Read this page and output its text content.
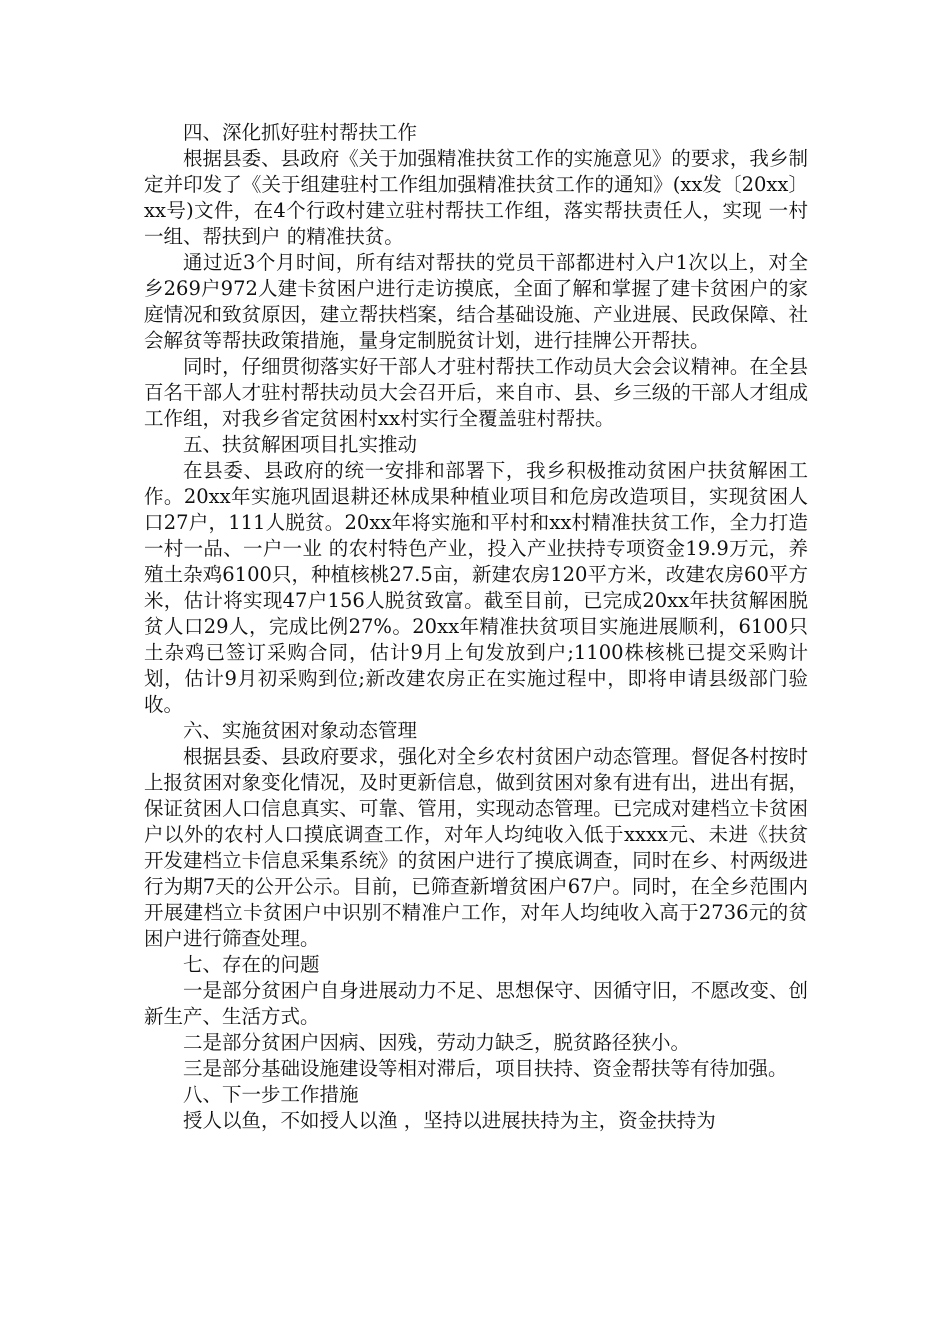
四、深化抓好驻村帮扶工作

根据县委、县政府《关于加强精准扶贫工作的实施意见》的要求，我乡制定并印发了《关于组建驻村工作组加强精准扶贫工作的通知》(xx发〔20xx〕xx号)文件，在4个行政村建立驻村帮扶工作组，落实帮扶责任人，实现 一村一组、帮扶到户 的精准扶贫。

通过近3个月时间，所有结对帮扶的党员干部都进村入户1次以上，对全乡269户972人建卡贫困户进行走访摸底，全面了解和掌握了建卡贫困户的家庭情况和致贫原因，建立帮扶档案，结合基础设施、产业进展、民政保障、社会解贫等帮扶政策措施，量身定制脱贫计划，进行挂牌公开帮扶。

同时，仔细贯彻落实好干部人才驻村帮扶工作动员大会会议精神。在全县百名干部人才驻村帮扶动员大会召开后，来自市、县、乡三级的干部人才组成工作组，对我乡省定贫困村xx村实行全覆盖驻村帮扶。

五、扶贫解困项目扎实推动

在县委、县政府的统一安排和部署下，我乡积极推动贫困户扶贫解困工作。20xx年实施巩固退耕还林成果种植业项目和危房改造项目，实现贫困人口27户，111人脱贫。20xx年将实施和平村和xx村精准扶贫工作，全力打造 一村一品、一户一业 的农村特色产业，投入产业扶持专项资金19.9万元，养殖土杂鸡6100只，种植核桃27.5亩，新建农房120平方米，改建农房60平方米，估计将实现47户156人脱贫致富。截至目前，已完成20xx年扶贫解困脱贫人口29人，完成比例27%。20xx年精准扶贫项目实施进展顺利，6100只土杂鸡已签订采购合同，估计9月上旬发放到户;1100株核桃已提交采购计划，估计9月初采购到位;新改建农房正在实施过程中，即将申请县级部门验收。

六、实施贫困对象动态管理

根据县委、县政府要求，强化对全乡农村贫困户动态管理。督促各村按时上报贫困对象变化情况，及时更新信息，做到贫困对象有进有出，进出有据，保证贫困人口信息真实、可靠、管用，实现动态管理。已完成对建档立卡贫困户以外的农村人口摸底调查工作，对年人均纯收入低于xxxx元、未进《扶贫开发建档立卡信息采集系统》的贫困户进行了摸底调查，同时在乡、村两级进行为期7天的公开公示。目前，已筛查新增贫困户67户。同时，在全乡范围内开展建档立卡贫困户中识别不精准户工作，对年人均纯收入高于2736元的贫困户进行筛查处理。

七、存在的问题

一是部分贫困户自身进展动力不足、思想保守、因循守旧，不愿改变、创新生产、生活方式。

二是部分贫困户因病、因残，劳动力缺乏，脱贫路径狭小。

三是部分基础设施建设等相对滞后，项目扶持、资金帮扶等有待加强。

八、下一步工作措施

授人以鱼，不如授人以渔 ，坚持以进展扶持为主，资金扶持为
